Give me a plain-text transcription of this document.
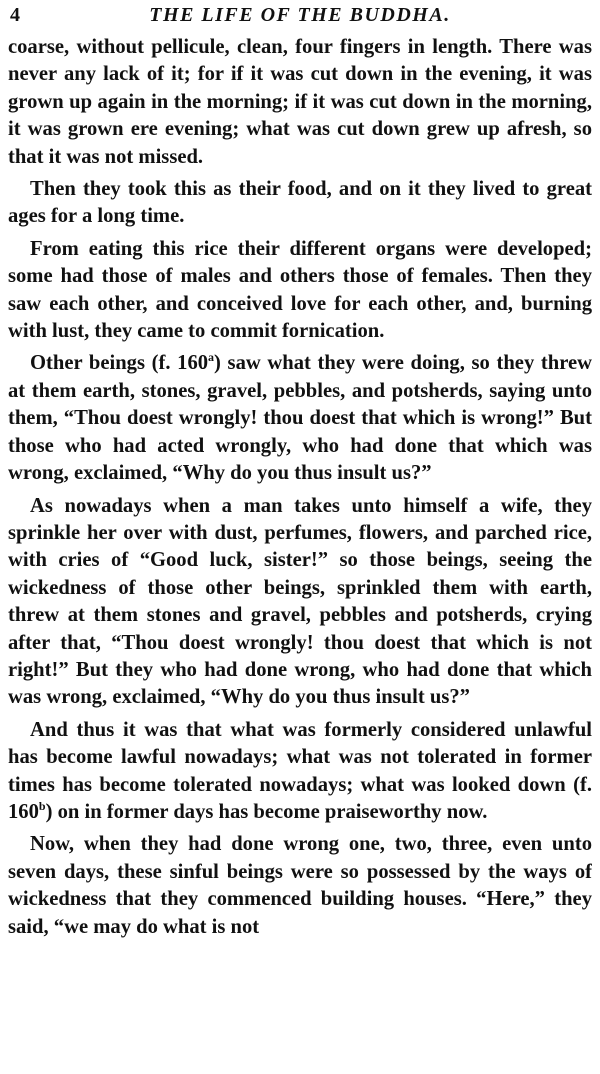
4	THE LIFE OF THE BUDDHA.

coarse, without pellicule, clean, four fingers in length. There was never any lack of it; for if it was cut down in the evening, it was grown up again in the morning; if it was cut down in the morning, it was grown ere evening; what was cut down grew up afresh, so that it was not missed.

Then they took this as their food, and on it they lived to great ages for a long time.

From eating this rice their different organs were developed; some had those of males and others those of females. Then they saw each other, and conceived love for each other, and, burning with lust, they came to commit fornication.

Other beings (f. 160$^a$) saw what they were doing, so they threw at them earth, stones, gravel, pebbles, and potsherds, saying unto them, “Thou doest wrongly! thou doest that which is wrong!” But those who had acted wrongly, who had done that which was wrong, exclaimed, “Why do you thus insult us?”

As nowadays when a man takes unto himself a wife, they sprinkle her over with dust, perfumes, flowers, and parched rice, with cries of “Good luck, sister!” so those beings, seeing the wickedness of those other beings, sprinkled them with earth, threw at them stones and gravel, pebbles and potsherds, crying after that, “Thou doest wrongly! thou doest that which is not right!” But they who had done wrong, who had done that which was wrong, exclaimed, “Why do you thus insult us?”

And thus it was that what was formerly considered unlawful has become lawful nowadays; what was not tolerated in former times has become tolerated nowadays; what was looked down (f. 160$^b$) on in former days has become praiseworthy now.

Now, when they had done wrong one, two, three, even unto seven days, these sinful beings were so possessed by the ways of wickedness that they commenced building houses. “Here,” they said, “we may do what is not
